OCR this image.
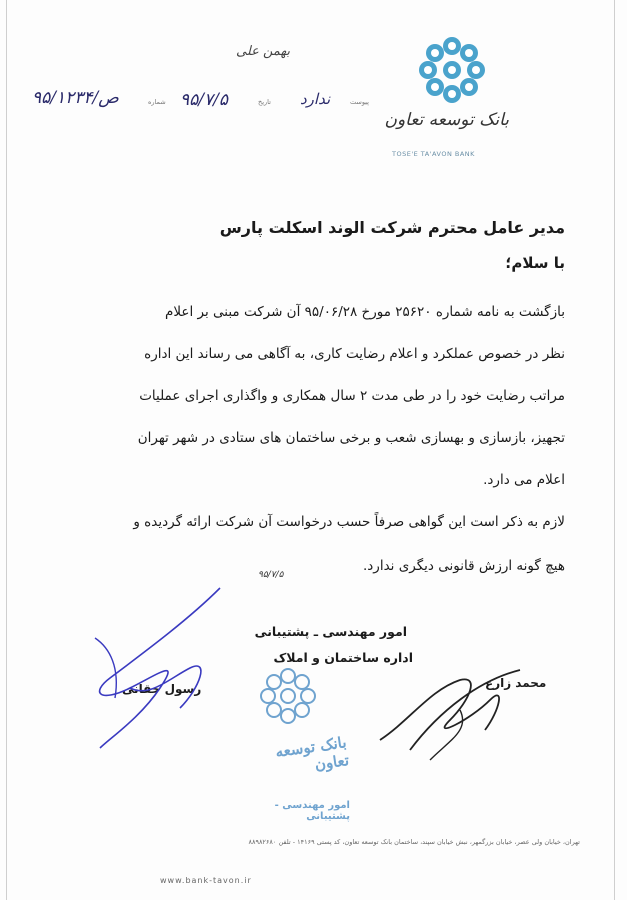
بانک توسعه تعاون
TOSE'E TA'AVON BANK
بهمن علی
پیوست
ندارد
تاریخ
۹۵/۷/۵
شماره
۹۵/۱۲۳۴/ص
مدیر عامل محترم شرکت الوند اسکلت پارس
با سلام؛
بازگشت به نامه شماره ۲۵۶۲۰ مورخ ۹۵/۰۶/۲۸ آن شرکت مبنی بر اعلام
نظر در خصوص عملکرد و اعلام رضایت کاری، به آگاهی می رساند این اداره
مراتب رضایت خود را در طی مدت ۲ سال همکاری و واگذاری اجرای عملیات
تجهیز، بازسازی و بهسازی شعب و برخی ساختمان های ستادی در شهر تهران
اعلام می دارد.
لازم به ذکر است این گواهی صرفاً حسب درخواست آن شرکت ارائه گردیده و
هیچ گونه ارزش قانونی دیگری ندارد.
۹۵/۷/۵
امور مهندسی ـ پشتیبانی
اداره ساختمان و املاک
رسول حقانی	محمد زارع
بانک توسعه تعاون
امور مهندسی - پشتیبانی
تهران، خیابان ولی عصر، خیابان بزرگمهر، نبش خیابان سپند، ساختمان بانک توسعه تعاون، کد پستی ۱۴۱۶۹ - تلفن ۸۸۹۸۲۶۸۰
www.bank-tavon.ir
